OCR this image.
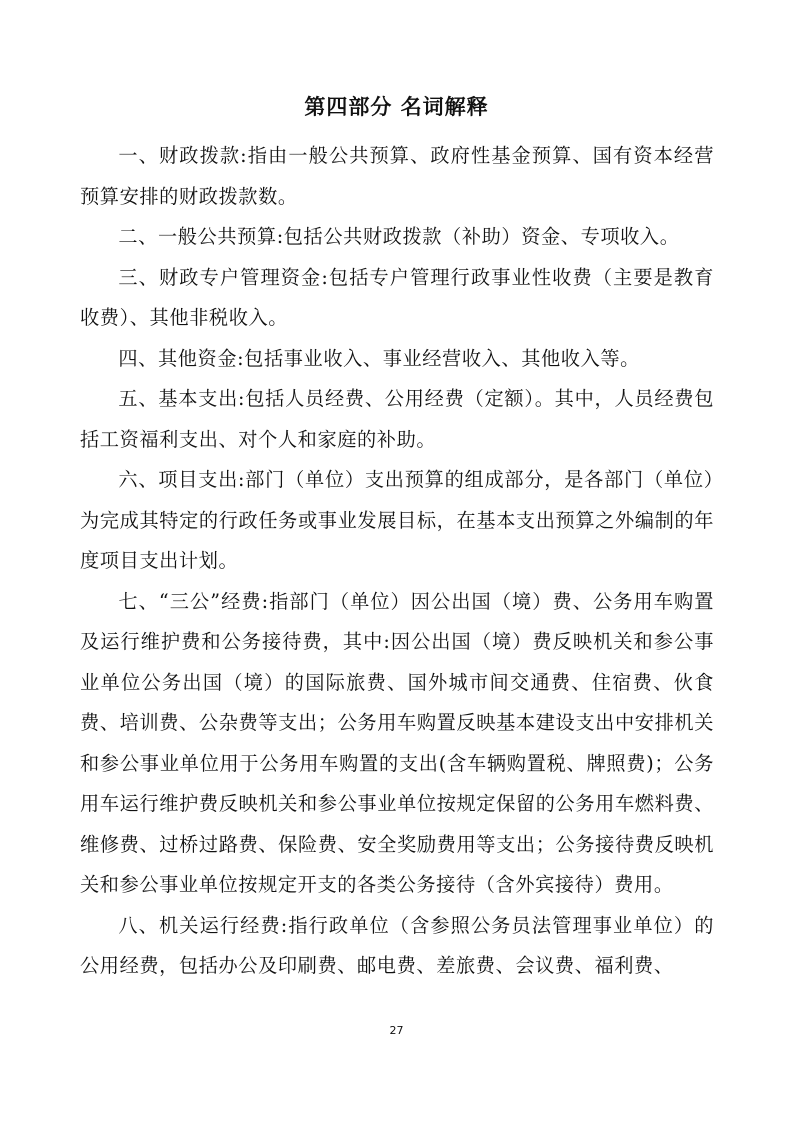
第四部分 名词解释

一、财政拨款:指由一般公共预算、政府性基金预算、国有资本经营预算安排的财政拨款数。

二、一般公共预算:包括公共财政拨款（补助）资金、专项收入。

三、财政专户管理资金:包括专户管理行政事业性收费（主要是教育收费）、其他非税收入。

四、其他资金:包括事业收入、事业经营收入、其他收入等。

五、基本支出:包括人员经费、公用经费（定额）。其中，人员经费包括工资福利支出、对个人和家庭的补助。

六、项目支出:部门（单位）支出预算的组成部分，是各部门（单位）为完成其特定的行政任务或事业发展目标，在基本支出预算之外编制的年度项目支出计划。

七、“三公”经费:指部门（单位）因公出国（境）费、公务用车购置及运行维护费和公务接待费，其中:因公出国（境）费反映机关和参公事业单位公务出国（境）的国际旅费、国外城市间交通费、住宿费、伙食费、培训费、公杂费等支出；公务用车购置反映基本建设支出中安排机关和参公事业单位用于公务用车购置的支出(含车辆购置税、牌照费)；公务用车运行维护费反映机关和参公事业单位按规定保留的公务用车燃料费、维修费、过桥过路费、保险费、安全奖励费用等支出；公务接待费反映机关和参公事业单位按规定开支的各类公务接待（含外宾接待）费用。

八、机关运行经费:指行政单位（含参照公务员法管理事业单位）的公用经费，包括办公及印刷费、邮电费、差旅费、会议费、福利费、

27
